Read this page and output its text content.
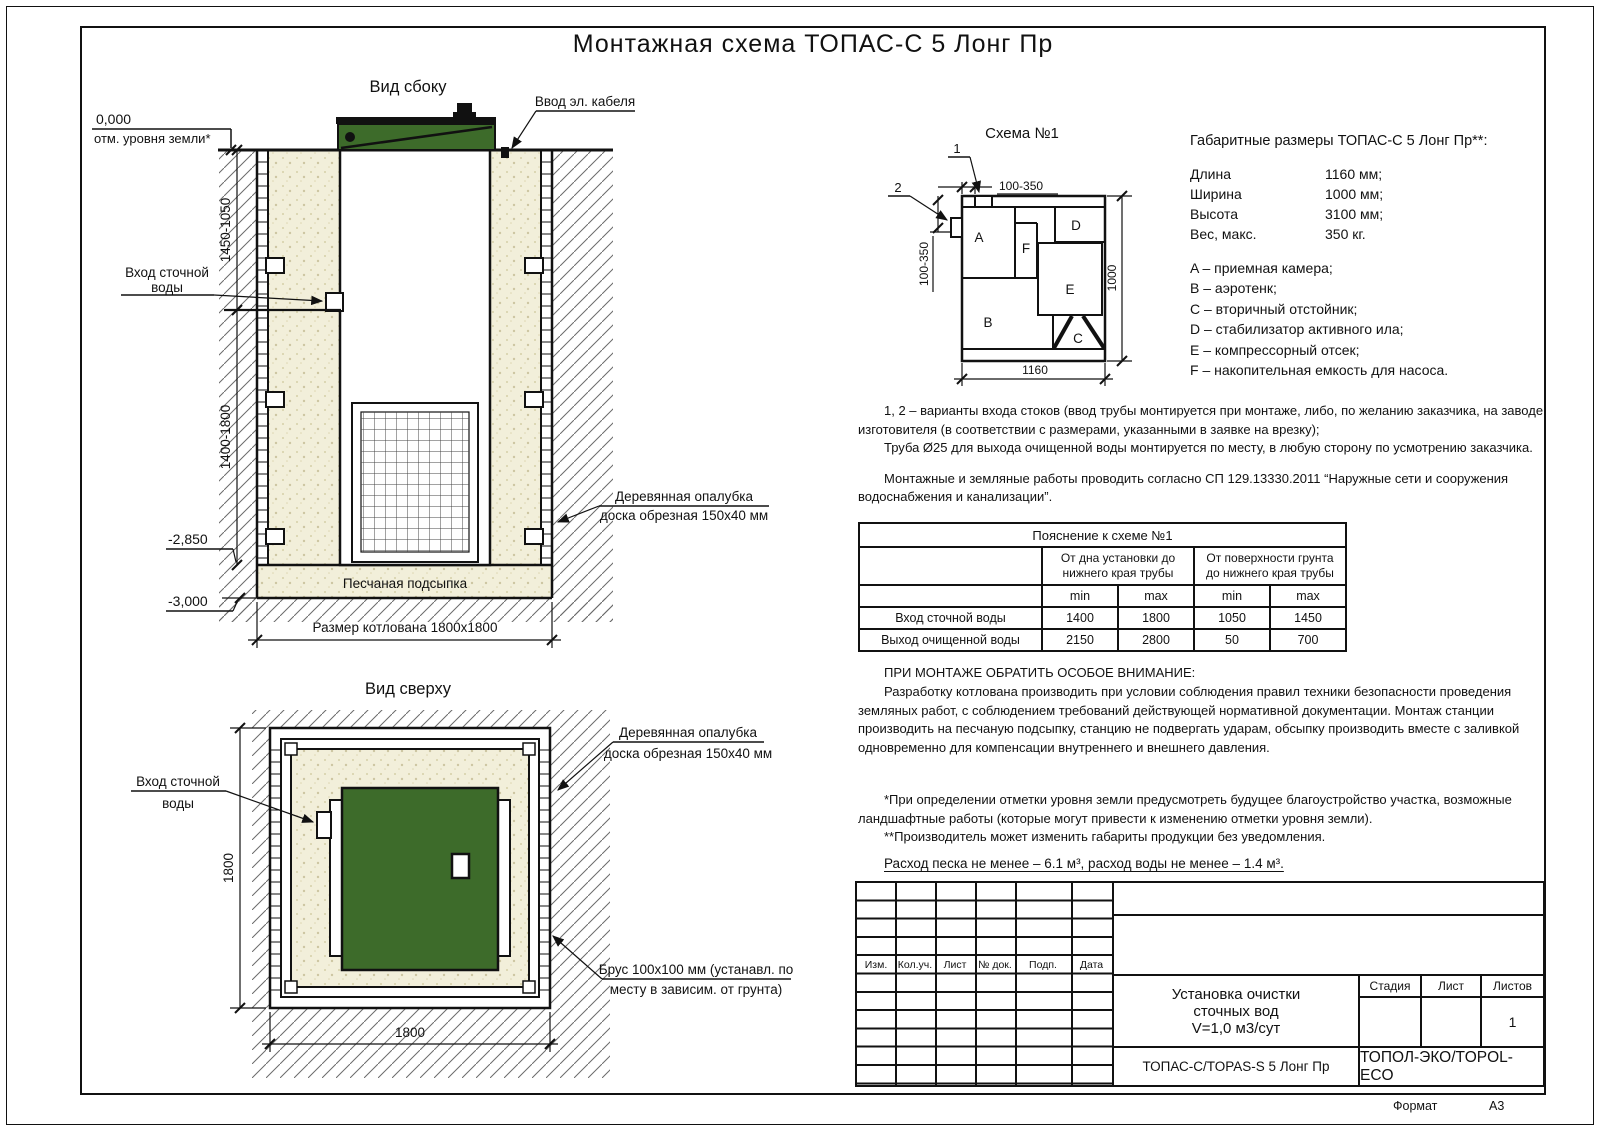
Монтажная схема ТОПАС-С 5 Лонг Пр
Вид сбоку
0,000
отм. уровня земли*
Ввод эл. кабеля
Вход сточной
воды
1450-1050
1400-1800
-2,850
-3,000
Песчаная подсыпка
Размер котлована 1800х1800
Деревянная опалубка
доска обрезная 150х40 мм
Вид сверху
Вход сточной
воды
Деревянная опалубка
доска обрезная 150х40 мм
Брус 100х100 мм (устанавл. по
месту в зависим. от грунта)
1800
1800
Схема №1
1
2	100-350
100-350	1000
1160
A
B
C
D
E
F
Габаритные размеры ТОПАС-С 5 Лонг Пр**:
Длина	1160 мм;
Ширина	1000 мм;
Высота	3100 мм;
Вес, макс.	350 кг.
A – приемная камера;
B – аэротенк;
C – вторичный отстойник;
D – стабилизатор активного ила;
E – компрессорный отсек;
F – накопительная емкость для насоса.

1, 2 – варианты входа стоков (ввод трубы монтируется при монтаже, либо, по желанию заказчика, на заводе изготовителя (в соответствии с размерами, указанными в заявке на врезку);

Труба Ø25 для выхода очищенной воды монтируется по месту, в любую сторону по усмотрению заказчика.

Монтажные и земляные работы проводить согласно СП 129.13330.2011 “Наружные сети и сооружения водоснабжения и канализации”.

Пояснение к схеме №1				
	От дна установки до нижнего края трубы		От поверхности грунта до нижнего края трубы	
	min	max	min	max
Вход сточной воды	1400	1800	1050	1450
Выход очищенной воды	2150	2800	50	700
ПРИ МОНТАЖЕ ОБРАТИТЬ ОСОБОЕ ВНИМАНИЕ:

Разработку котлована производить при условии соблюдения правил техники безопасности проведения земляных работ, с соблюдением требований действующей нормативной документации. Монтаж станции производить на песчаную подсыпку, станцию не подвергать ударам, обсыпку производить вместе с заливкой одновременно для компенсации внутреннего и внешнего давления.

*При определении отметки уровня земли предусмотреть будущее благоустройство участка, возможные ландшафтные работы (которые могут привести к изменению отметки уровня земли).

**Производитель может изменить габариты продукции без уведомления.

Расход песка не менее – 6.1 м³, расход воды не менее – 1.4 м³.
Изм.	Кол.уч.	Лист	№ док.	Подп.	Дата
Установка очистки
сточных вод
V=1,0 м3/сут
Стадия	Лист	Листов
1
ТОПАС-С/TOPAS-S 5 Лонг Пр
ТОПОЛ-ЭКО/TOPOL-ECO
Формат	А3
